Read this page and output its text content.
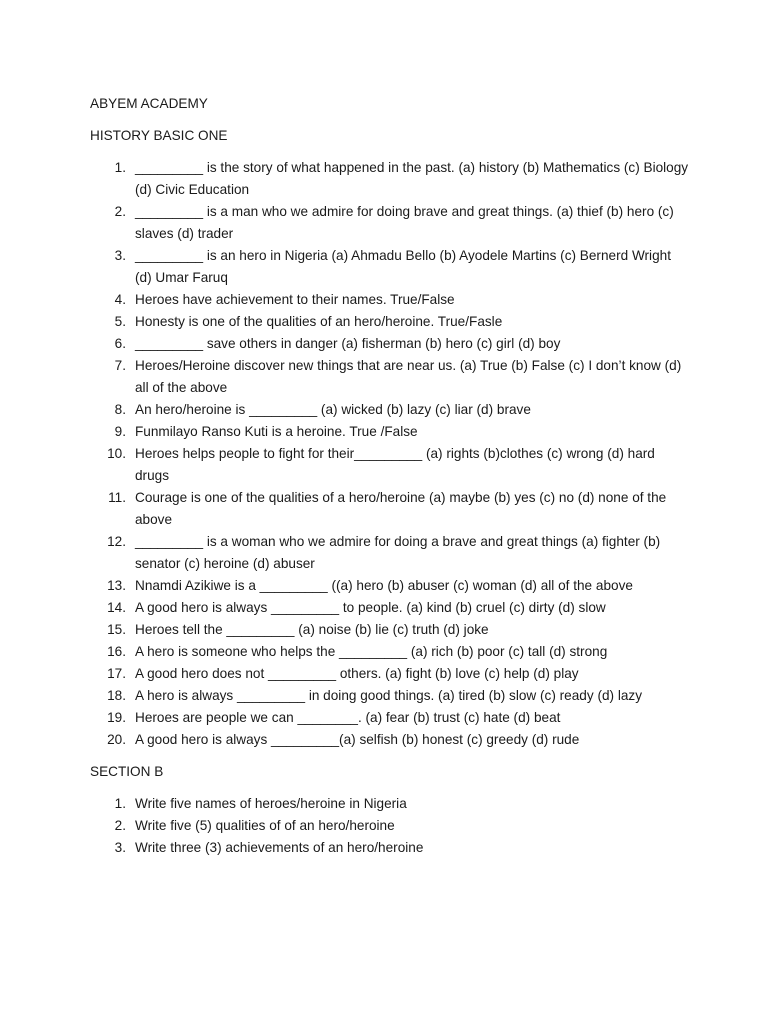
ABYEM ACADEMY

HISTORY BASIC ONE

1. _________ is the story of what happened in the past. (a) history (b) Mathematics (c) Biology (d) Civic Education
2. _________ is a man who we admire for doing brave and great things. (a) thief (b) hero (c) slaves (d) trader
3. _________ is an hero in Nigeria (a) Ahmadu Bello (b) Ayodele Martins (c) Bernerd Wright (d) Umar Faruq
4. Heroes have achievement to their names. True/False
5. Honesty is one of the qualities of an hero/heroine. True/Fasle
6. _________ save others in danger (a) fisherman (b) hero (c) girl (d) boy
7. Heroes/Heroine discover new things that are near us. (a) True (b) False (c) I don’t know (d) all of the above
8. An hero/heroine is _________ (a) wicked (b) lazy (c) liar (d) brave
9. Funmilayo Ranso Kuti is a heroine. True /False
10. Heroes helps people to fight for their_________ (a) rights (b)clothes (c) wrong (d) hard drugs
11. Courage is one of the qualities of a hero/heroine (a) maybe (b) yes (c) no (d) none of the above
12. _________ is a woman who we admire for doing a brave and great things (a) fighter (b) senator (c) heroine (d) abuser
13. Nnamdi Azikiwe is a _________ ((a) hero (b) abuser (c) woman (d) all of the above
14. A good hero is always _________ to people. (a) kind (b) cruel (c) dirty (d) slow
15. Heroes tell the _________ (a) noise (b) lie (c) truth (d) joke
16. A hero is someone who helps the _________ (a) rich (b) poor (c) tall (d) strong
17. A good hero does not _________ others. (a) fight (b) love (c) help (d) play
18. A hero is always _________ in doing good things. (a) tired (b) slow (c) ready (d) lazy
19. Heroes are people we can ________. (a) fear (b) trust (c) hate (d) beat
20. A good hero is always _________(a) selfish (b) honest (c) greedy (d) rude

SECTION B

1. Write five names of heroes/heroine in Nigeria
2. Write five (5) qualities of of an hero/heroine
3. Write three (3) achievements of an hero/heroine
